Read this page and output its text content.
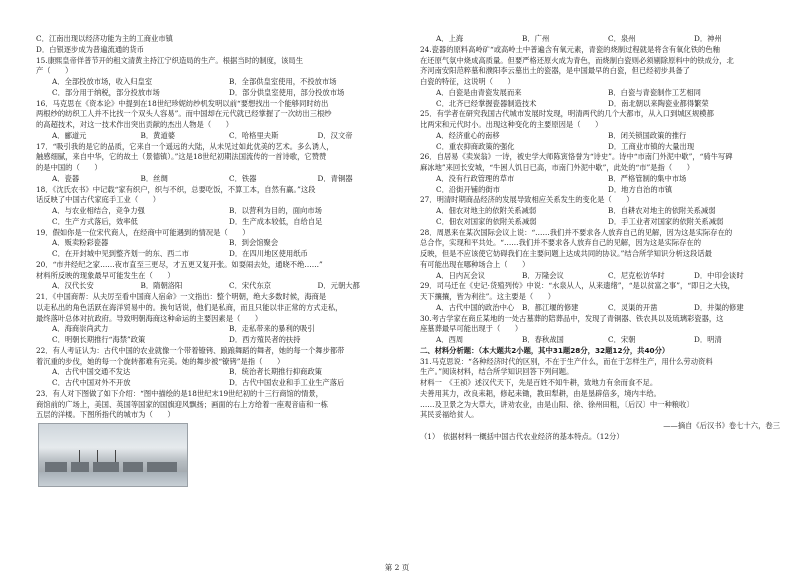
C．江南出现以经济功能为主的工商业市镇
D．白银逐步成为普遍流通的货币
15.康熙皇帝佯普节开的租文清黄主持江宁织造局的生产。根据当时的制度，该局生
产（　　）
A．全部投放市场，收入归皇室	B．全部供皇室使用，不投放市场
C．部分用于纳税，部分投放市场	D．部分供皇室使用，部分投放市场
16．马克思在《资本论》中提到在18世纪珍妮纺纱机发明以前“要想找出一个能够同时纺出
两根纱的纺织工人并不比找一个双头人容易”。而中国却在元代就已经掌握了一次纺出三根纱
的高超技术，对这一技术作出突出贡献的杰出人物是（　　）
A．郦道元	B．黄道婆	C．哈格里夫斯	D．汉文帝
17．“吸引我的是它的品质，它来自一个遥远的大陆，从未见过如此优美的艺术。多么诱人，
触感细腻，来自中华，它的故土（景德镇）。”这是18世纪初期法国流传的一首诗歌，它赞赞
的是中国的（　　）
A．瓷器	B．丝绸	C．铁器	D．青铜器
18．《沈氏农书》中记载“家有织户，织与不织，总要吃饭，不算工本，自然有赢。”这段
话反映了中国古代家庭手工业（　　）
A．与农业相结合，竞争力强	B．以营利为目的，面向市场
C．生产方式落后，效率低	D．生产成本较低，自给自足
19．假如你是一位宋代商人，在经商中可能遇到的情况是（　　）
A．贩卖粉彩瓷器	B．到会馆聚会
C．在开封城中见到整齐划一的东、西二市	D．在四川地区使用纸币
20．“市井经纪之家……夜市直至三更尽，才五更又复开张。如耍闹去处，通晓不绝……”
材料所反映的现象最早可能发生在（　　）
A．汉代长安	B．隋朝洛阳	C．宋代东京	D．元朝大都
21．《中国商帮：从夫厉至看中国商人宿命》一文指出：整个明朝，绝大多数时候，海商是
以走私出的角色活跃在海洋贸易中的。换句话说，他们是私商，而且只能以非正常的方式走私，
最终落叶总体对抗政府。导致明朝海商这种命运的主要因素是（　　）
A．海商崇尚武力	B．走私带来的暴利的吸引
C．明朝长期推行“海禁”政策	D．西方殖民者的扶持
22．有人考证认为：古代中国的农业就像一个带着镣铐、踉踉舞蹈的舞者，她的每一个舞步都带
着沉重的步伐，她的每一个旋转都难有完美。她的舞步被“镣铐”是指（　　）
A．古代中国交通不发达	B．统治者长期推行抑商政策
C．古代中国对外不开放	D．古代中国农业和手工业生产落后
23．有人对下图做了如下介绍：“图中描绘的是18世纪末19世纪初的十三行商馆的情景，
商馆前的广场上，美国、英国等国家的国旗迎风飘扬；画面的右上方给着一座观音庙和一栋
五层的洋楼。下图所指代的城市为（　　）
A．上海	B．广州	C．泉州	D．神州
24.瓷器的原料高岭矿“或高岭土中普遍含有氧元素，青瓷的烧制过程就是将含有氧化铁的色釉
在还原气氛中烧成高质量。但要严格还原火成为青色，而烧制白瓷则必须剔除原料中的铁成分，北
齐河南安阳范粹墓和濮阳李云墓出土的瓷器，是中国最早的白瓷，但已经初步具备了
白瓷的特征，这说明（　　）
A．白瓷是由青瓷发展而来	B．白瓷与青瓷制作工艺相同
C．北齐已经掌握瓷器制造技术	D．南北朝以来陶瓷业都得繁荣
25．有学者在研究我国古代城市发展时发现，明清两代的几个大都市，从入口到城区规模都
比两宋和元代时小。出现这种变化的主要原因是（　　）
A．经济重心的南移	B．闭关锁国政策的推行
C．重农抑商政策的强化	D．工商业市镇的大量出现
26．自居易《卖炭翁》一诗，被史学大师陈寅恪誉为“诗史”。诗中“市南门外泥中歇”，“骑牛写碑
麻冰地”来回长安城，“牛困人饥日已高，市南门外泥中歇”，此处的“市”是指（　　）
A．没有行政管理的草市	B．严格管制的集中市场
C．沿街开铺的街市	D．地方自治的市镇
27．明清时期商品经济的发展导致相应关系发生的变化是（　　）
A．佃农对地主的依附关系减弱	B．自耕农对地主的依附关系减弱
C．佃农对国家的依附关系减弱	D．手工业者对国家的依附关系减弱
28．周恩来在某次国际会议上说：“……我们并不要求各人放弃自己的见解，因为这是实际存在的
总合作，实现和平共处。“……我们并不要求各人放弃自己的见解，因为这是实际存在的
反映，但是不应该使它妨碍我们在主要问题上达成共同的协议。”结合所学知识分析这段话最
有可能出现在哪种场合上（　　）
A．日内瓦会议	B．万隆会议	C．尼克松访华时	D．中印会谈时
29．司马迁在《史记·货殖列传》中说：“水泉从人，从来遗绪”，“是以贫富之事”，“即日之大钱，
天下攘攘，皆为利往”。这主要是（　　）
A．古代中国的政治中心	B．都江堰的修建	C．灵渠的开凿	D．井渠的修建
30.考古学家在商丘某地的一处古墓葬的陪葬品中，发现了青铜器、铁农具以及琉璃彩瓷器，这
座墓葬最早可能出现于（　　）
A．西周	B．春秋战国	C．宋朝	D．明清
二、材料分析题：（本大题共2小题，其中31题28分，32题12分，共40分）
31.马克思说：“各种经济时代的区别，不在于生产什么，而在于怎样生产，用什么劳动资料
生产。”阅读材料，结合所学知识回答下列问题。
材料一　《王祯》述汉代天下，先是百姓不知牛耕，致地力有余而食不足。
夫善用其力，改良耒耜，修起耒锄，教田犁耕，由是垦辟倍多，境内丰给。
……及卫景之为大草大，讲劝农业，由是山阳、徐、徐州田粗，〔后汉〕中一种粮收〕
其民妥福给贫人。
——摘自《后汉书》卷七十六，卷三
（1）　依据材料一概括中国古代农业经济的基本特点。（12分）
第 2 页
